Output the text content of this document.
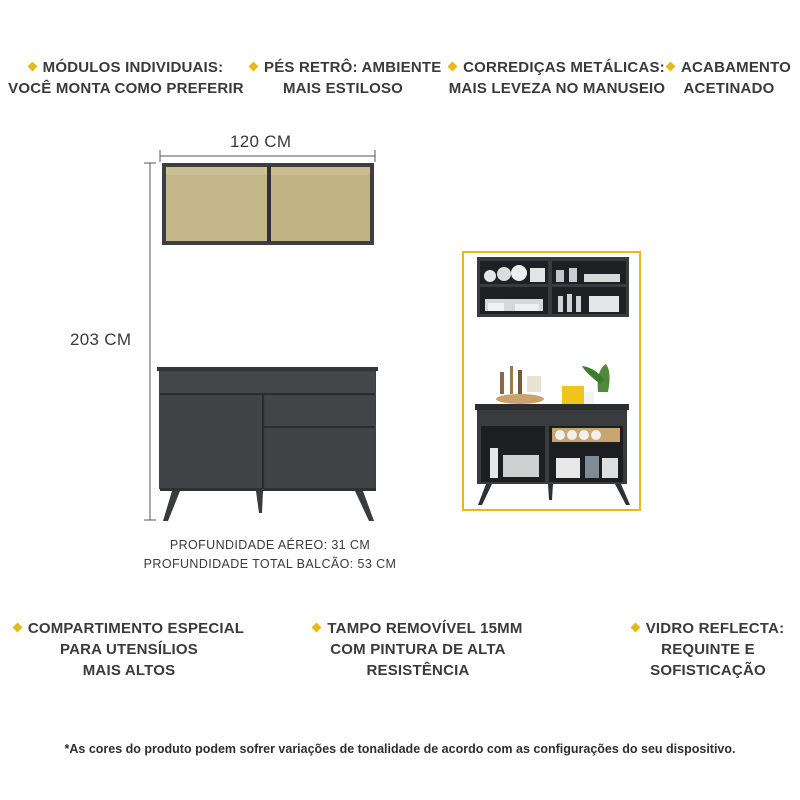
MÓDULOS INDIVIDUAIS:
VOCÊ MONTA COMO PREFERIR
PÉS RETRÔ: AMBIENTE
MAIS ESTILOSO
CORREDIÇAS METÁLICAS:
MAIS LEVEZA NO MANUSEIO
ACABAMENTO
ACETINADO
120 CM
203 CM
PROFUNDIDADE AÉREO: 31 CM
PROFUNDIDADE TOTAL BALCÃO: 53 CM
COMPARTIMENTO ESPECIAL
PARA UTENSÍLIOS
MAIS ALTOS
TAMPO REMOVÍVEL 15MM
COM PINTURA DE ALTA
RESISTÊNCIA
VIDRO REFLECTA:
REQUINTE E
SOFISTICAÇÃO
*As cores do produto podem sofrer variações de tonalidade de acordo com as configurações do seu dispositivo.
